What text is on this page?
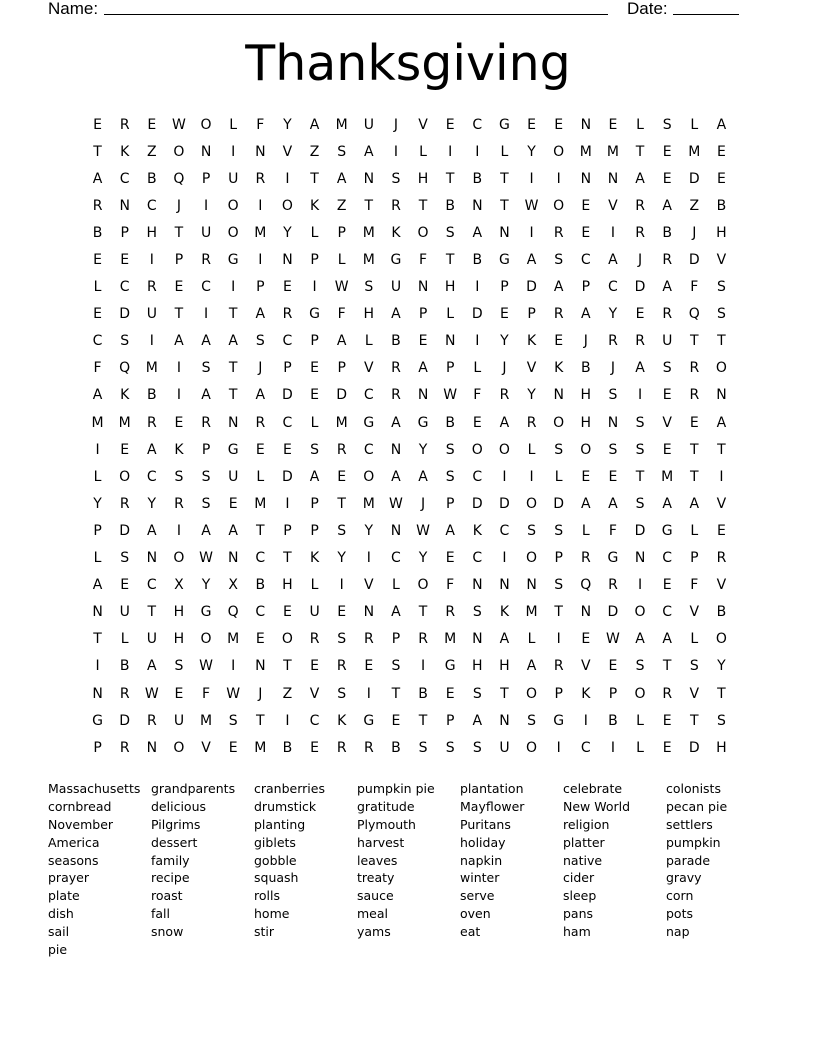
Name:	Date:
Thanksgiving
E	R	E	W	O	L	F	Y	A	M	U	J	V	E	C	G	E	E	N	E	L	S	L	A
T	K	Z	O	N	I	N	V	Z	S	A	I	L	I	I	L	Y	O	M	M	T	E	M	E
A	C	B	Q	P	U	R	I	T	A	N	S	H	T	B	T	I	I	N	N	A	E	D	E
R	N	C	J	I	O	I	O	K	Z	T	R	T	B	N	T	W	O	E	V	R	A	Z	B
B	P	H	T	U	O	M	Y	L	P	M	K	O	S	A	N	I	R	E	I	R	B	J	H
E	E	I	P	R	G	I	N	P	L	M	G	F	T	B	G	A	S	C	A	J	R	D	V
L	C	R	E	C	I	P	E	I	W	S	U	N	H	I	P	D	A	P	C	D	A	F	S
E	D	U	T	I	T	A	R	G	F	H	A	P	L	D	E	P	R	A	Y	E	R	Q	S
C	S	I	A	A	A	S	C	P	A	L	B	E	N	I	Y	K	E	J	R	R	U	T	T
F	Q	M	I	S	T	J	P	E	P	V	R	A	P	L	J	V	K	B	J	A	S	R	O
A	K	B	I	A	T	A	D	E	D	C	R	N	W	F	R	Y	N	H	S	I	E	R	N
M	M	R	E	R	N	R	C	L	M	G	A	G	B	E	A	R	O	H	N	S	V	E	A
I	E	A	K	P	G	E	E	S	R	C	N	Y	S	O	O	L	S	O	S	S	E	T	T
L	O	C	S	S	U	L	D	A	E	O	A	A	S	C	I	I	L	E	E	T	M	T	I
Y	R	Y	R	S	E	M	I	P	T	M	W	J	P	D	D	O	D	A	A	S	A	A	V
P	D	A	I	A	A	T	P	P	S	Y	N	W	A	K	C	S	S	L	F	D	G	L	E
L	S	N	O	W	N	C	T	K	Y	I	C	Y	E	C	I	O	P	R	G	N	C	P	R
A	E	C	X	Y	X	B	H	L	I	V	L	O	F	N	N	N	S	Q	R	I	E	F	V
N	U	T	H	G	Q	C	E	U	E	N	A	T	R	S	K	M	T	N	D	O	C	V	B
T	L	U	H	O	M	E	O	R	S	R	P	R	M	N	A	L	I	E	W	A	A	L	O
I	B	A	S	W	I	N	T	E	R	E	S	I	G	H	H	A	R	V	E	S	T	S	Y
N	R	W	E	F	W	J	Z	V	S	I	T	B	E	S	T	O	P	K	P	O	R	V	T
G	D	R	U	M	S	T	I	C	K	G	E	T	P	A	N	S	G	I	B	L	E	T	S
P	R	N	O	V	E	M	B	E	R	R	B	S	S	S	U	O	I	C	I	L	E	D	H
Massachusetts
cornbread
November
America
seasons
prayer
plate
dish
sail
pie
grandparents
delicious
Pilgrims
dessert
family
recipe
roast
fall
snow
cranberries
drumstick
planting
giblets
gobble
squash
rolls
home
stir
pumpkin pie
gratitude
Plymouth
harvest
leaves
treaty
sauce
meal
yams
plantation
Mayflower
Puritans
holiday
napkin
winter
serve
oven
eat
celebrate
New World
religion
platter
native
cider
sleep
pans
ham
colonists
pecan pie
settlers
pumpkin
parade
gravy
corn
pots
nap
